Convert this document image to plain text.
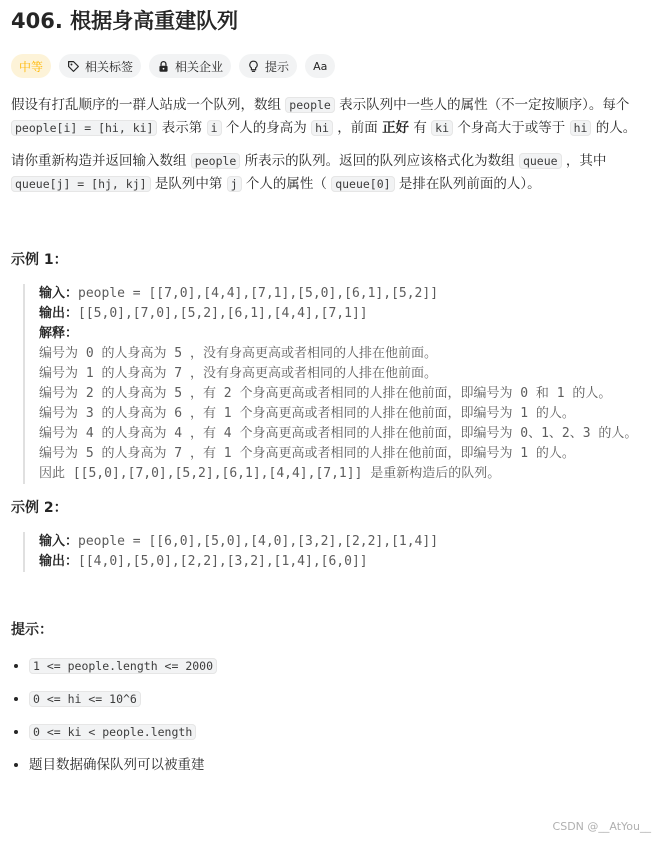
406. 根据身高重建队列
中等	相关标签	相关企业	提示 Aa

假设有打乱顺序的一群人站成一个队列，数组 people 表示队列中一些人的属性（不一定按顺序）。每个 people[i] = [hi, ki] 表示第 i 个人的身高为 hi ，前面 正好 有 ki 个身高大于或等于 hi 的人。

请你重新构造并返回输入数组 people 所表示的队列。返回的队列应该格式化为数组 queue ，其中 queue[j] = [hj, kj] 是队列中第 j 个人的属性（ queue[0] 是排在队列前面的人）。

示例 1：

输入：people = [[7,0],[4,4],[7,1],[5,0],[6,1],[5,2]]
输出：[[5,0],[7,0],[5,2],[6,1],[4,4],[7,1]]
解释：
编号为 0 的人身高为 5 ，没有身高更高或者相同的人排在他前面。
编号为 1 的人身高为 7 ，没有身高更高或者相同的人排在他前面。
编号为 2 的人身高为 5 ，有 2 个身高更高或者相同的人排在他前面，即编号为 0 和 1 的人。
编号为 3 的人身高为 6 ，有 1 个身高更高或者相同的人排在他前面，即编号为 1 的人。
编号为 4 的人身高为 4 ，有 4 个身高更高或者相同的人排在他前面，即编号为 0、1、2、3 的人。
编号为 5 的人身高为 7 ，有 1 个身高更高或者相同的人排在他前面，即编号为 1 的人。
因此 [[5,0],[7,0],[5,2],[6,1],[4,4],[7,1]] 是重新构造后的队列。

示例 2：

输入：people = [[6,0],[5,0],[4,0],[3,2],[2,2],[1,4]]
输出：[[4,0],[5,0],[2,2],[3,2],[1,4],[6,0]]

提示：

• 1 <= people.length <= 2000
• 0 <= hi <= 10^6
• 0 <= ki < people.length
• 题目数据确保队列可以被重建
CSDN @__AtYou__
